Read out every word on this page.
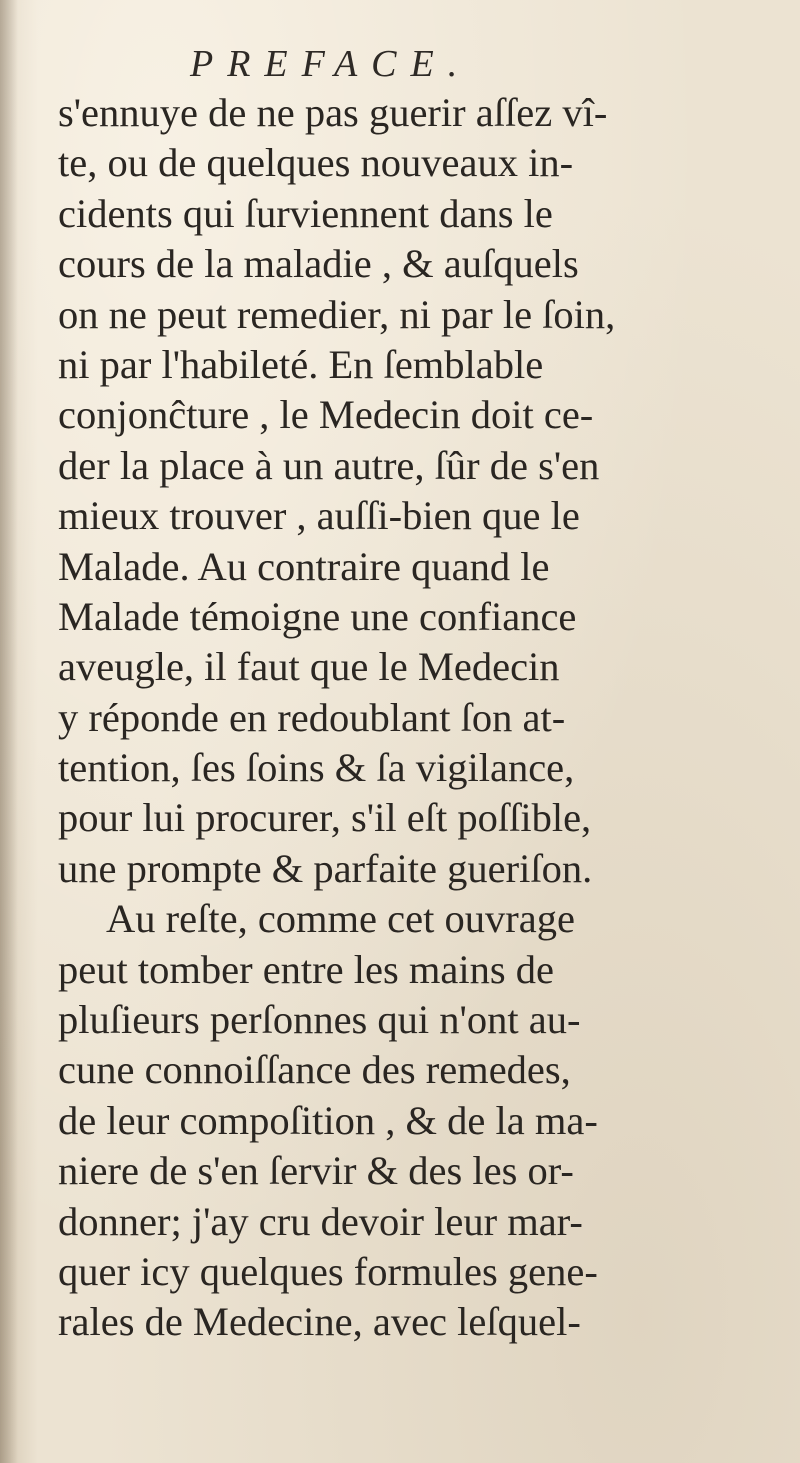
PREFACE.
s'ennuye de ne pas guerir aſſez vî-
te, ou de quelques nouveaux in-
cidents qui ſurviennent dans le
cours de la maladie , & auſquels
on ne peut remedier, ni par le ſoin,
ni par l'habileté. En ſemblable
conjonĉture , le Medecin doit ce-
der la place à un autre, ſûr de s'en
mieux trouver , auſſi-bien que le
Malade. Au contraire quand le
Malade témoigne une confiance
aveugle, il faut que le Medecin
y réponde en redoublant ſon at-
tention, ſes ſoins & ſa vigilance,
pour lui procurer, s'il eſt poſſible,
une prompte & parfaite gueriſon.
Au reſte, comme cet ouvrage
peut tomber entre les mains de
pluſieurs perſonnes qui n'ont au-
cune connoiſſance des remedes,
de leur compoſition , & de la ma-
niere de s'en ſervir & des les or-
donner; j'ay cru devoir leur mar-
quer icy quelques formules gene-
rales de Medecine, avec leſquel-
